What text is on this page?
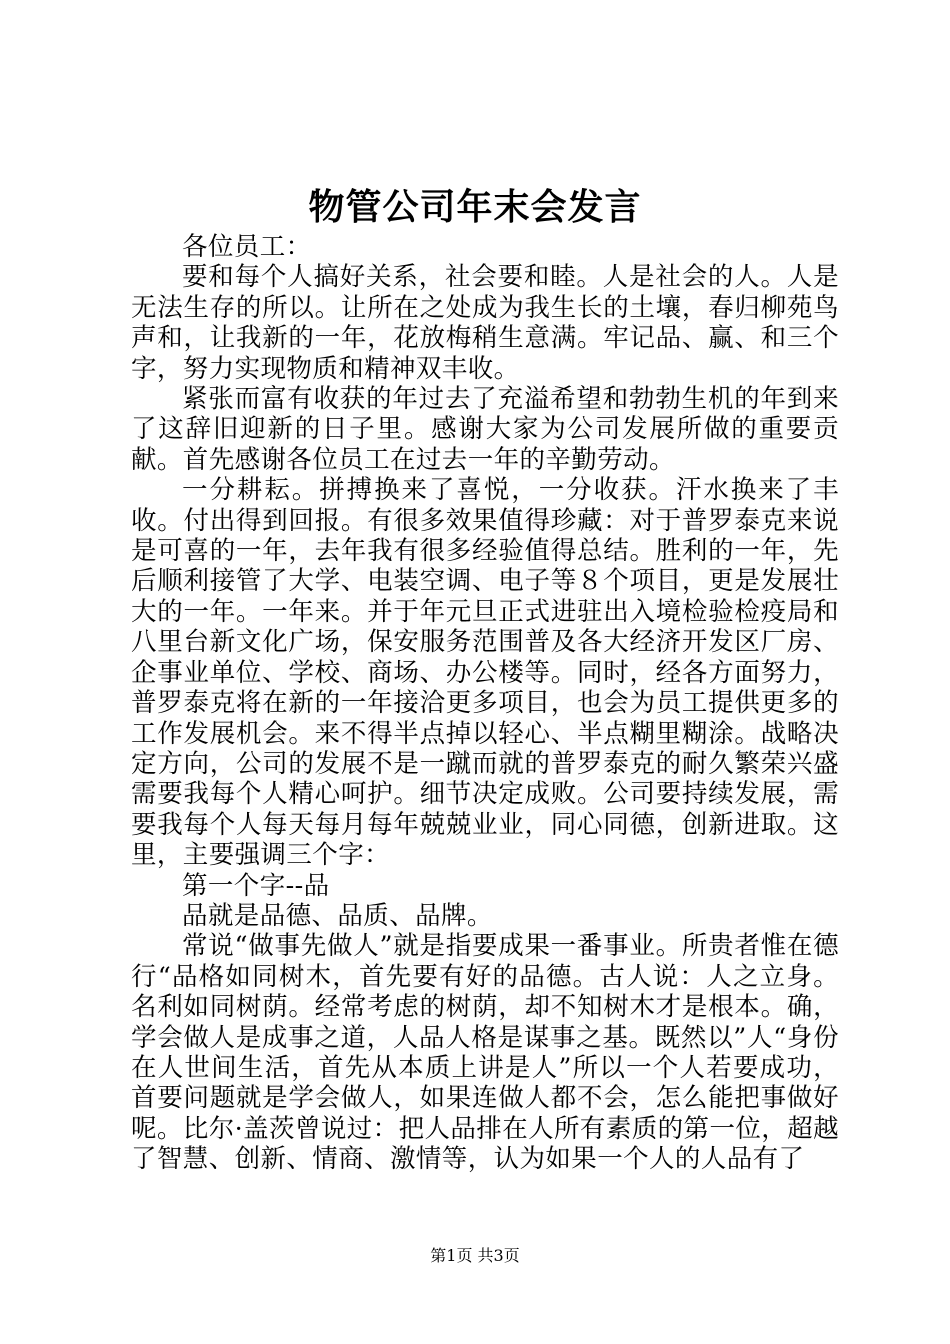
物管公司年末会发言

各位员工：

要和每个人搞好关系，社会要和睦。人是社会的人。人是无法生存的所以。让所在之处成为我生长的土壤，春归柳苑鸟声和，让我新的一年，花放梅稍生意满。牢记品、赢、和三个字，努力实现物质和精神双丰收。

紧张而富有收获的年过去了充溢希望和勃勃生机的年到来了这辞旧迎新的日子里。感谢大家为公司发展所做的重要贡献。首先感谢各位员工在过去一年的辛勤劳动。

一分耕耘。拼搏换来了喜悦，一分收获。汗水换来了丰收。付出得到回报。有很多效果值得珍藏：对于普罗泰克来说是可喜的一年，去年我有很多经验值得总结。胜利的一年，先后顺利接管了大学、电装空调、电子等８个项目，更是发展壮大的一年。一年来。并于年元旦正式进驻出入境检验检疫局和八里台新文化广场，保安服务范围普及各大经济开发区厂房、企事业单位、学校、商场、办公楼等。同时，经各方面努力，普罗泰克将在新的一年接洽更多项目，也会为员工提供更多的工作发展机会。来不得半点掉以轻心、半点糊里糊涂。战略决定方向，公司的发展不是一蹴而就的普罗泰克的耐久繁荣兴盛需要我每个人精心呵护。细节决定成败。公司要持续发展，需要我每个人每天每月每年兢兢业业，同心同德，创新进取。这里，主要强调三个字：

第一个字--品

品就是品德、品质、品牌。

常说“做事先做人”就是指要成果一番事业。所贵者惟在德行“品格如同树木，首先要有好的品德。古人说：人之立身。名利如同树荫。经常考虑的树荫，却不知树木才是根本。确，学会做人是成事之道，人品人格是谋事之基。既然以”人“身份在人世间生活，首先从本质上讲是人”所以一个人若要成功，首要问题就是学会做人，如果连做人都不会，怎么能把事做好呢。比尔·盖茨曾说过：把人品排在人所有素质的第一位，超越了智慧、创新、情商、激情等，认为如果一个人的人品有了

第1页 共3页
